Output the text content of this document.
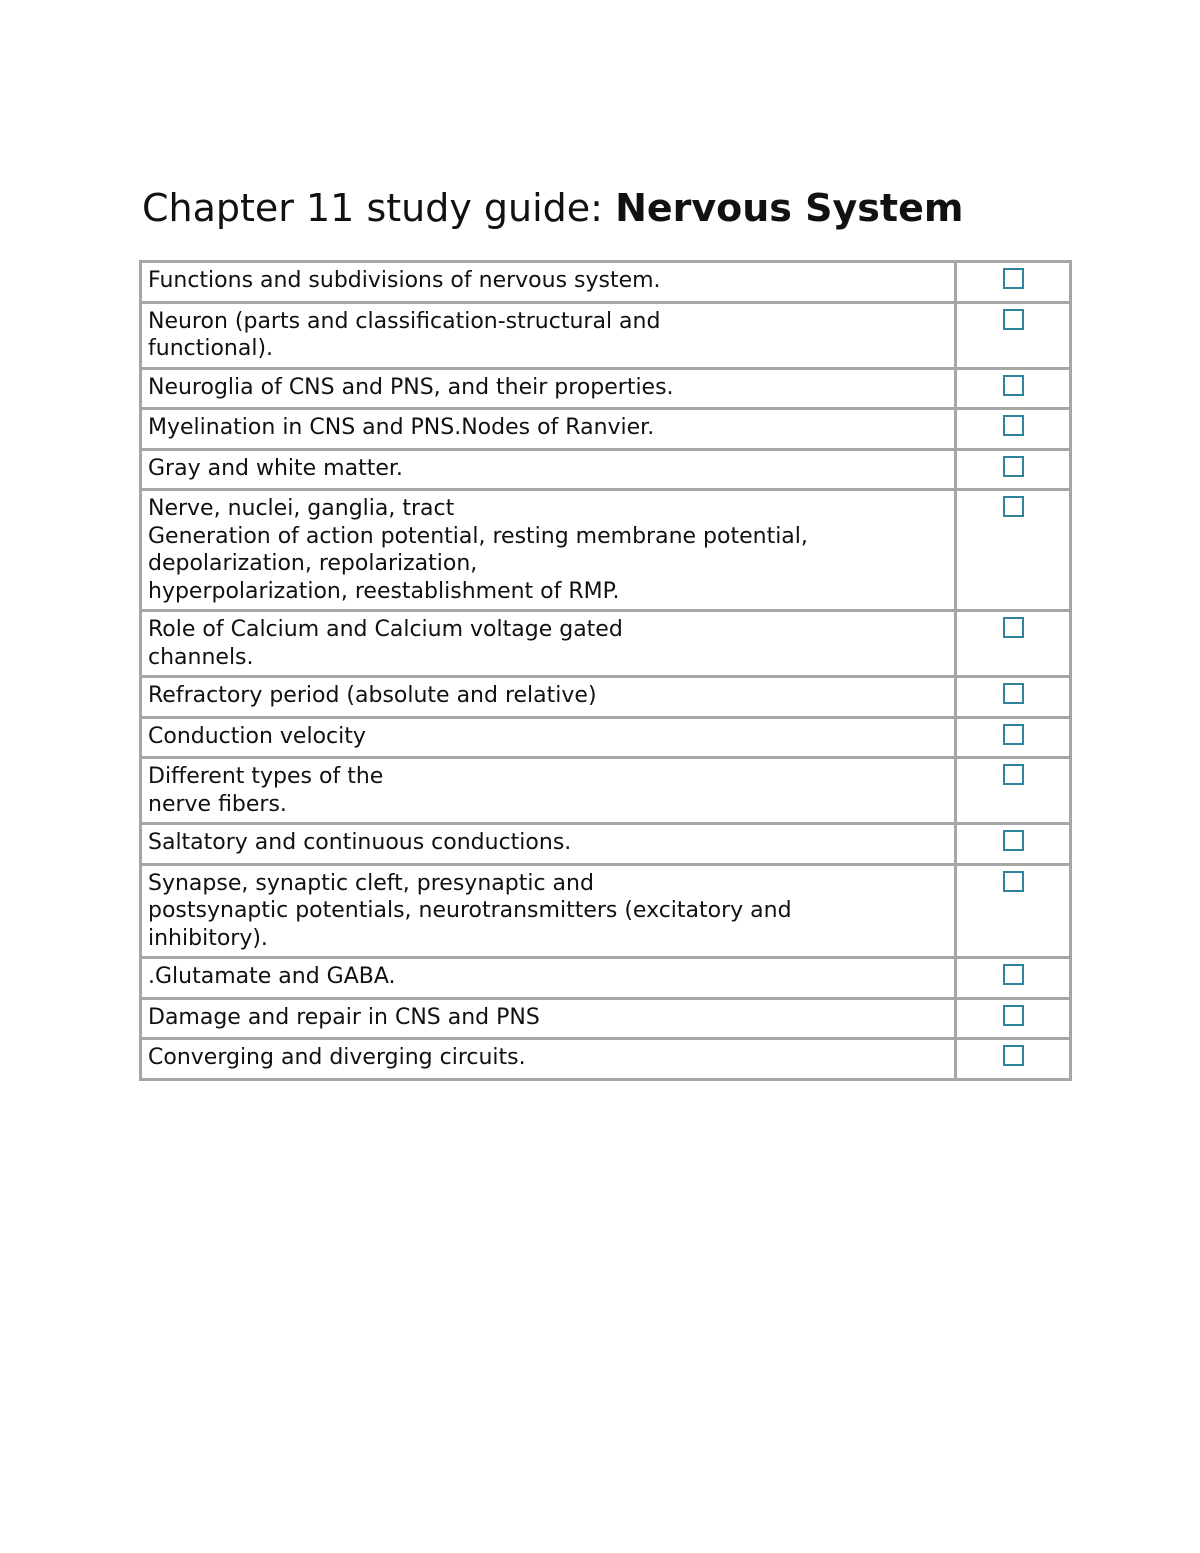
Chapter 11 study guide: Nervous System
Functions and subdivisions of nervous system.	

Neuron (parts and classification-structural and
functional).	

Neuroglia of CNS and PNS, and their properties.	

Myelination in CNS and PNS.Nodes of Ranvier.	

Gray and white matter.	

Nerve, nuclei, ganglia, tract
Generation of action potential, resting membrane potential,
depolarization, repolarization,
hyperpolarization, reestablishment of RMP.	

Role of Calcium and Calcium voltage gated
channels.	

Refractory period (absolute and relative)	

Conduction velocity	

Different types of the
nerve fibers.	

Saltatory and continuous conductions.	

Synapse, synaptic cleft, presynaptic and
postsynaptic potentials, neurotransmitters (excitatory and
inhibitory).	

.Glutamate and GABA.	

Damage and repair in CNS and PNS	

Converging and diverging circuits.	
